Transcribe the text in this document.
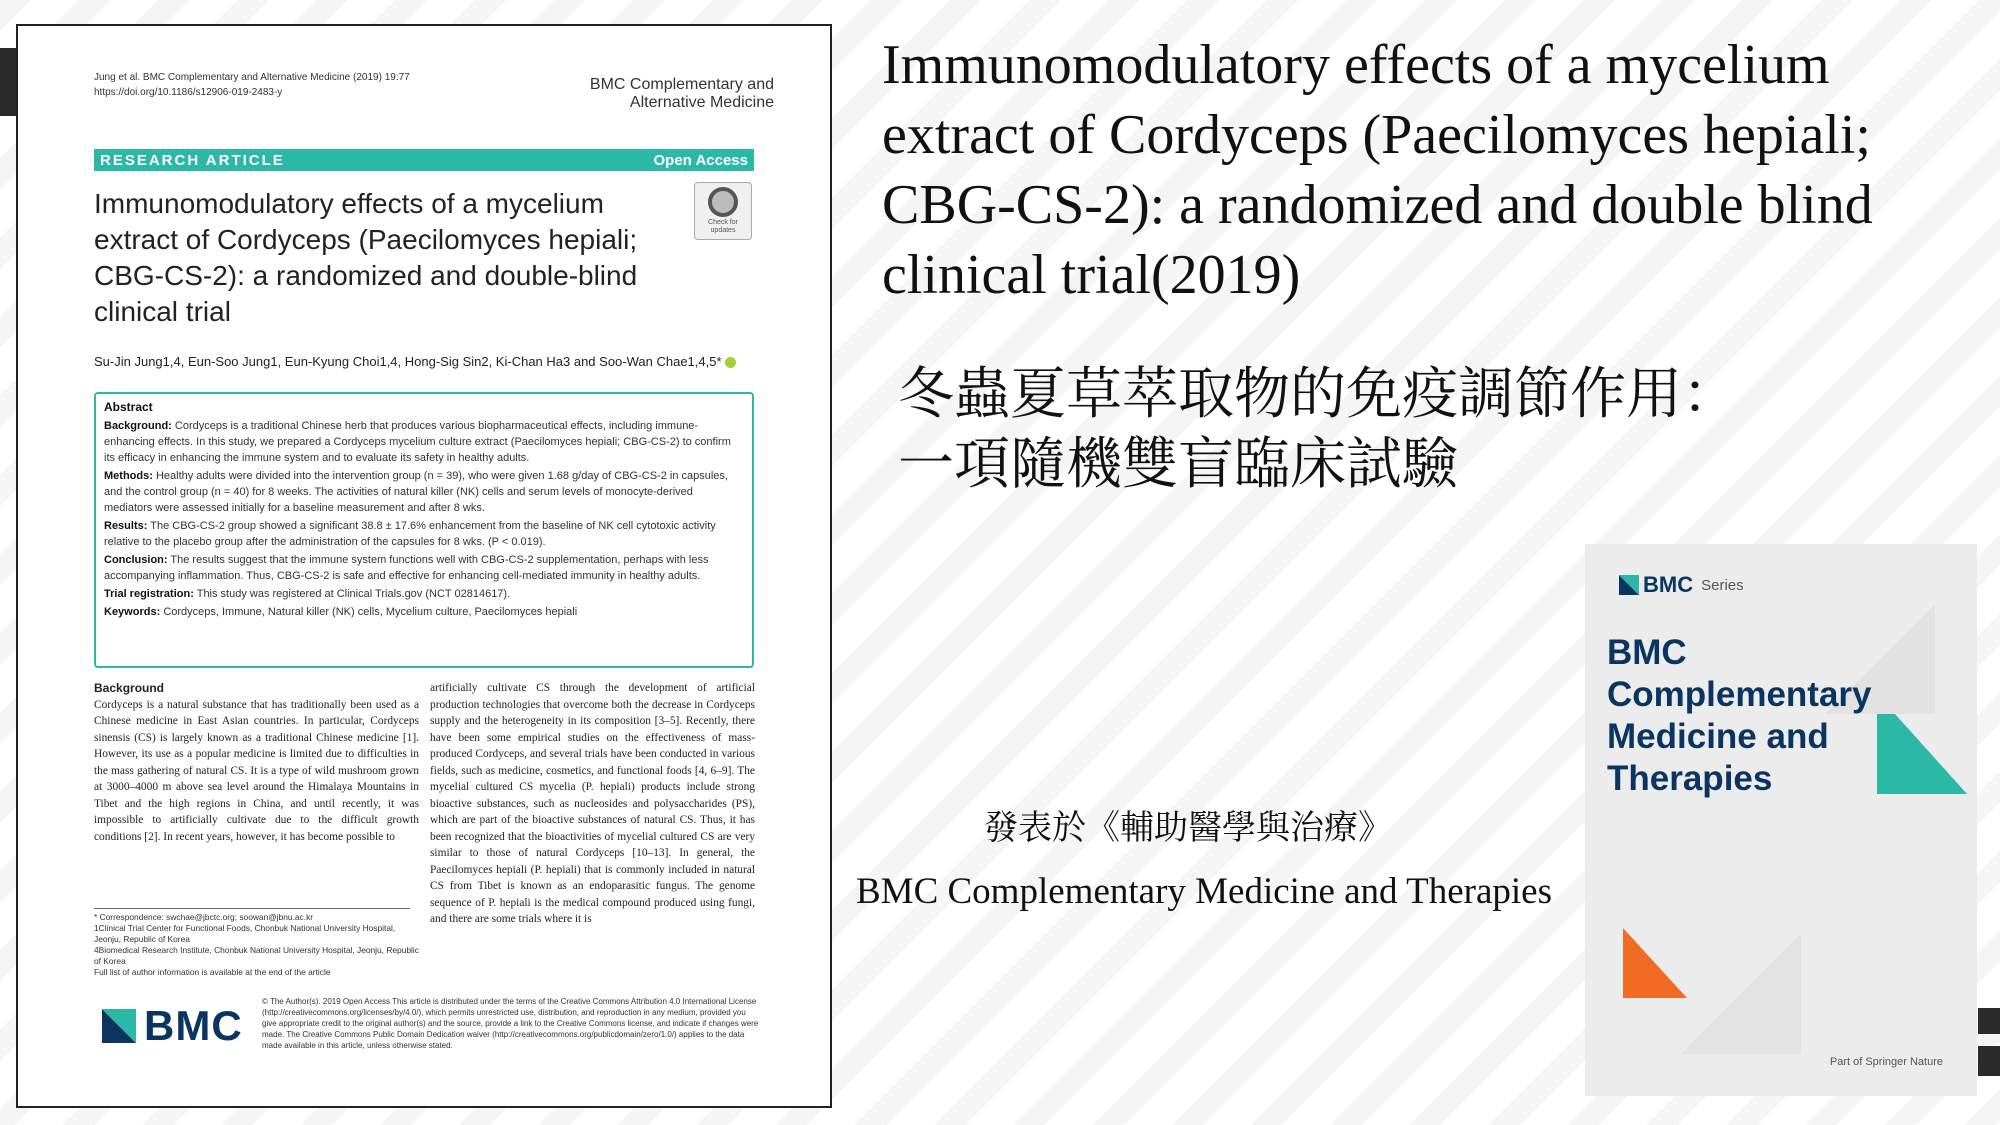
Jung et al. BMC Complementary and Alternative Medicine (2019) 19:77
https://doi.org/10.1186/s12906-019-2483-y	BMC Complementary and
Alternative Medicine
RESEARCH ARTICLE	Open Access
Immunomodulatory effects of a mycelium extract of Cordyceps (Paecilomyces hepiali; CBG-CS-2): a randomized and double-blind clinical trial
Check for updates
Su-Jin Jung1,4, Eun-Soo Jung1, Eun-Kyung Choi1,4, Hong-Sig Sin2, Ki-Chan Ha3 and Soo-Wan Chae1,4,5*
Abstract

Background: Cordyceps is a traditional Chinese herb that produces various biopharmaceutical effects, including immune-enhancing effects. In this study, we prepared a Cordyceps mycelium culture extract (Paecilomyces hepiali; CBG-CS-2) to confirm its efficacy in enhancing the immune system and to evaluate its safety in healthy adults.

Methods: Healthy adults were divided into the intervention group (n = 39), who were given 1.68 g/day of CBG-CS-2 in capsules, and the control group (n = 40) for 8 weeks. The activities of natural killer (NK) cells and serum levels of monocyte-derived mediators were assessed initially for a baseline measurement and after 8 wks.

Results: The CBG-CS-2 group showed a significant 38.8 ± 17.6% enhancement from the baseline of NK cell cytotoxic activity relative to the placebo group after the administration of the capsules for 8 wks. (P < 0.019).

Conclusion: The results suggest that the immune system functions well with CBG-CS-2 supplementation, perhaps with less accompanying inflammation. Thus, CBG-CS-2 is safe and effective for enhancing cell-mediated immunity in healthy adults.

Trial registration: This study was registered at Clinical Trials.gov (NCT 02814617).

Keywords: Cordyceps, Immune, Natural killer (NK) cells, Mycelium culture, Paecilomyces hepiali

Background

Cordyceps is a natural substance that has traditionally been used as a Chinese medicine in East Asian countries. In particular, Cordyceps sinensis (CS) is largely known as a traditional Chinese medicine [1]. However, its use as a popular medicine is limited due to difficulties in the mass gathering of natural CS. It is a type of wild mushroom grown at 3000–4000 m above sea level around the Himalaya Mountains in Tibet and the high regions in China, and until recently, it was impossible to artificially cultivate due to the difficult growth conditions [2]. In recent years, however, it has become possible to

artificially cultivate CS through the development of artificial production technologies that overcome both the decrease in Cordyceps supply and the heterogeneity in its composition [3–5]. Recently, there have been some empirical studies on the effectiveness of mass-produced Cordyceps, and several trials have been conducted in various fields, such as medicine, cosmetics, and functional foods [4, 6–9]. The mycelial cultured CS mycelia (P. hepiali) products include strong bioactive substances, such as nucleosides and polysaccharides (PS), which are part of the bioactive substances of natural CS. Thus, it has been recognized that the bioactivities of mycelial cultured CS are very similar to those of natural Cordyceps [10–13]. In general, the Paecilomyces hepiali (P. hepiali) that is commonly included in natural CS from Tibet is known as an endoparasitic fungus. The genome sequence of P. hepiali is the medical compound produced using fungi, and there are some trials where it is

* Correspondence: swchae@jbctc.org; soowan@jbnu.ac.kr
1Clinical Trial Center for Functional Foods, Chonbuk National University Hospital, Jeonju, Republic of Korea
4Biomedical Research Institute, Chonbuk National University Hospital, Jeonju, Republic of Korea
Full list of author information is available at the end of the article
BMC
© The Author(s). 2019 Open Access This article is distributed under the terms of the Creative Commons Attribution 4.0 International License (http://creativecommons.org/licenses/by/4.0/), which permits unrestricted use, distribution, and reproduction in any medium, provided you give appropriate credit to the original author(s) and the source, provide a link to the Creative Commons license, and indicate if changes were made. The Creative Commons Public Domain Dedication waiver (http://creativecommons.org/publicdomain/zero/1.0/) applies to the data made available in this article, unless otherwise stated.
Immunomodulatory effects of a mycelium extract of Cordyceps (Paecilomyces hepiali; CBG-CS-2): a randomized and double blind clinical trial(2019)
冬蟲夏草萃取物的免疫調節作用：
一項隨機雙盲臨床試驗
發表於《輔助醫學與治療》
BMC Complementary Medicine and Therapies
BMC Series
BMC
Complementary
Medicine and
Therapies
Part of Springer Nature
